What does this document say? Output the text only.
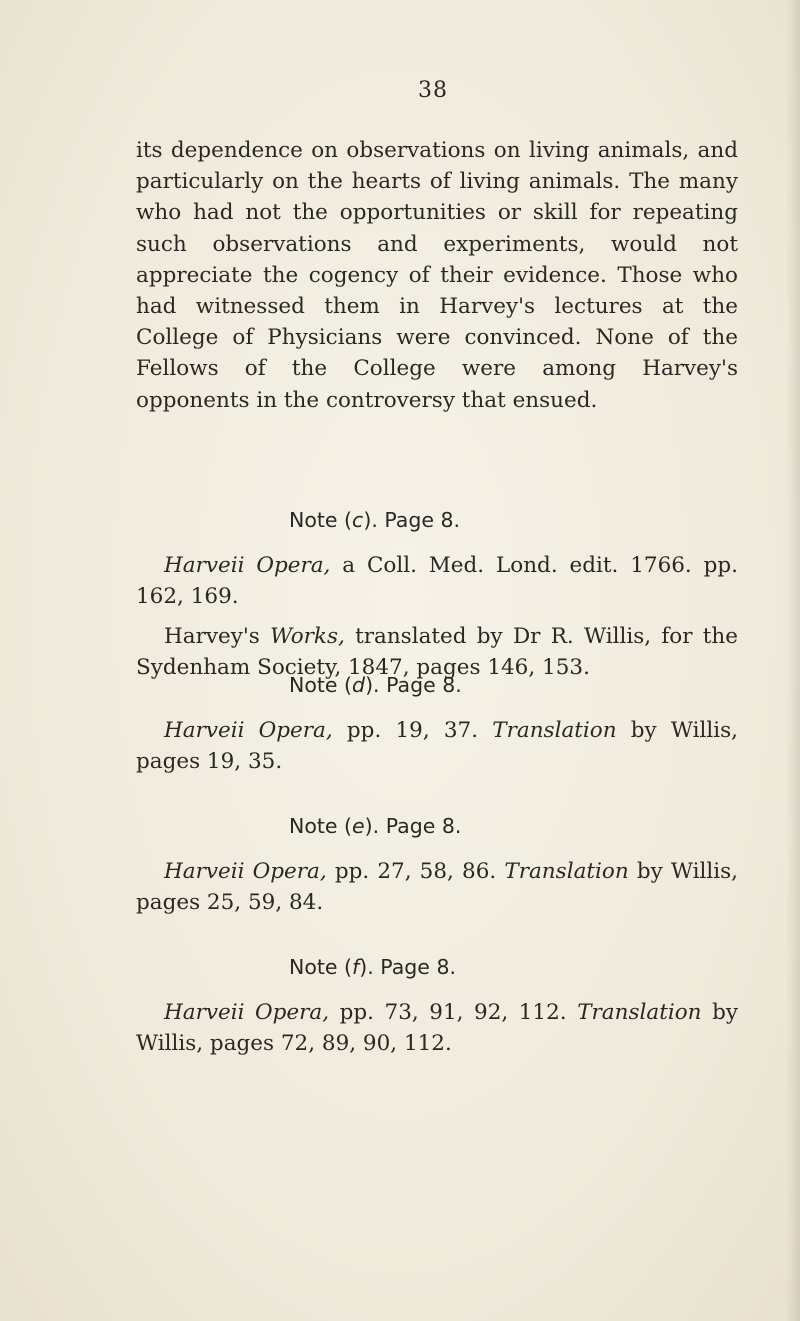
38

its dependence on observations on living animals, and particularly on the hearts of living animals. The many who had not the opportunities or skill for repeating such observations and experiments, would not appreciate the cogency of their evidence. Those who had witnessed them in Harvey's lectures at the College of Physicians were convinced. None of the Fellows of the College were among Harvey's opponents in the controversy that ensued.

Note (c). Page 8.

Harveii Opera, a Coll. Med. Lond. edit. 1766. pp. 162, 169.

Harvey's Works, translated by Dr R. Willis, for the Sydenham Society, 1847, pages 146, 153.

Note (d). Page 8.

Harveii Opera, pp. 19, 37. Translation by Willis, pages 19, 35.

Note (e). Page 8.

Harveii Opera, pp. 27, 58, 86. Translation by Willis, pages 25, 59, 84.

Note (f). Page 8.

Harveii Opera, pp. 73, 91, 92, 112. Translation by Willis, pages 72, 89, 90, 112.
